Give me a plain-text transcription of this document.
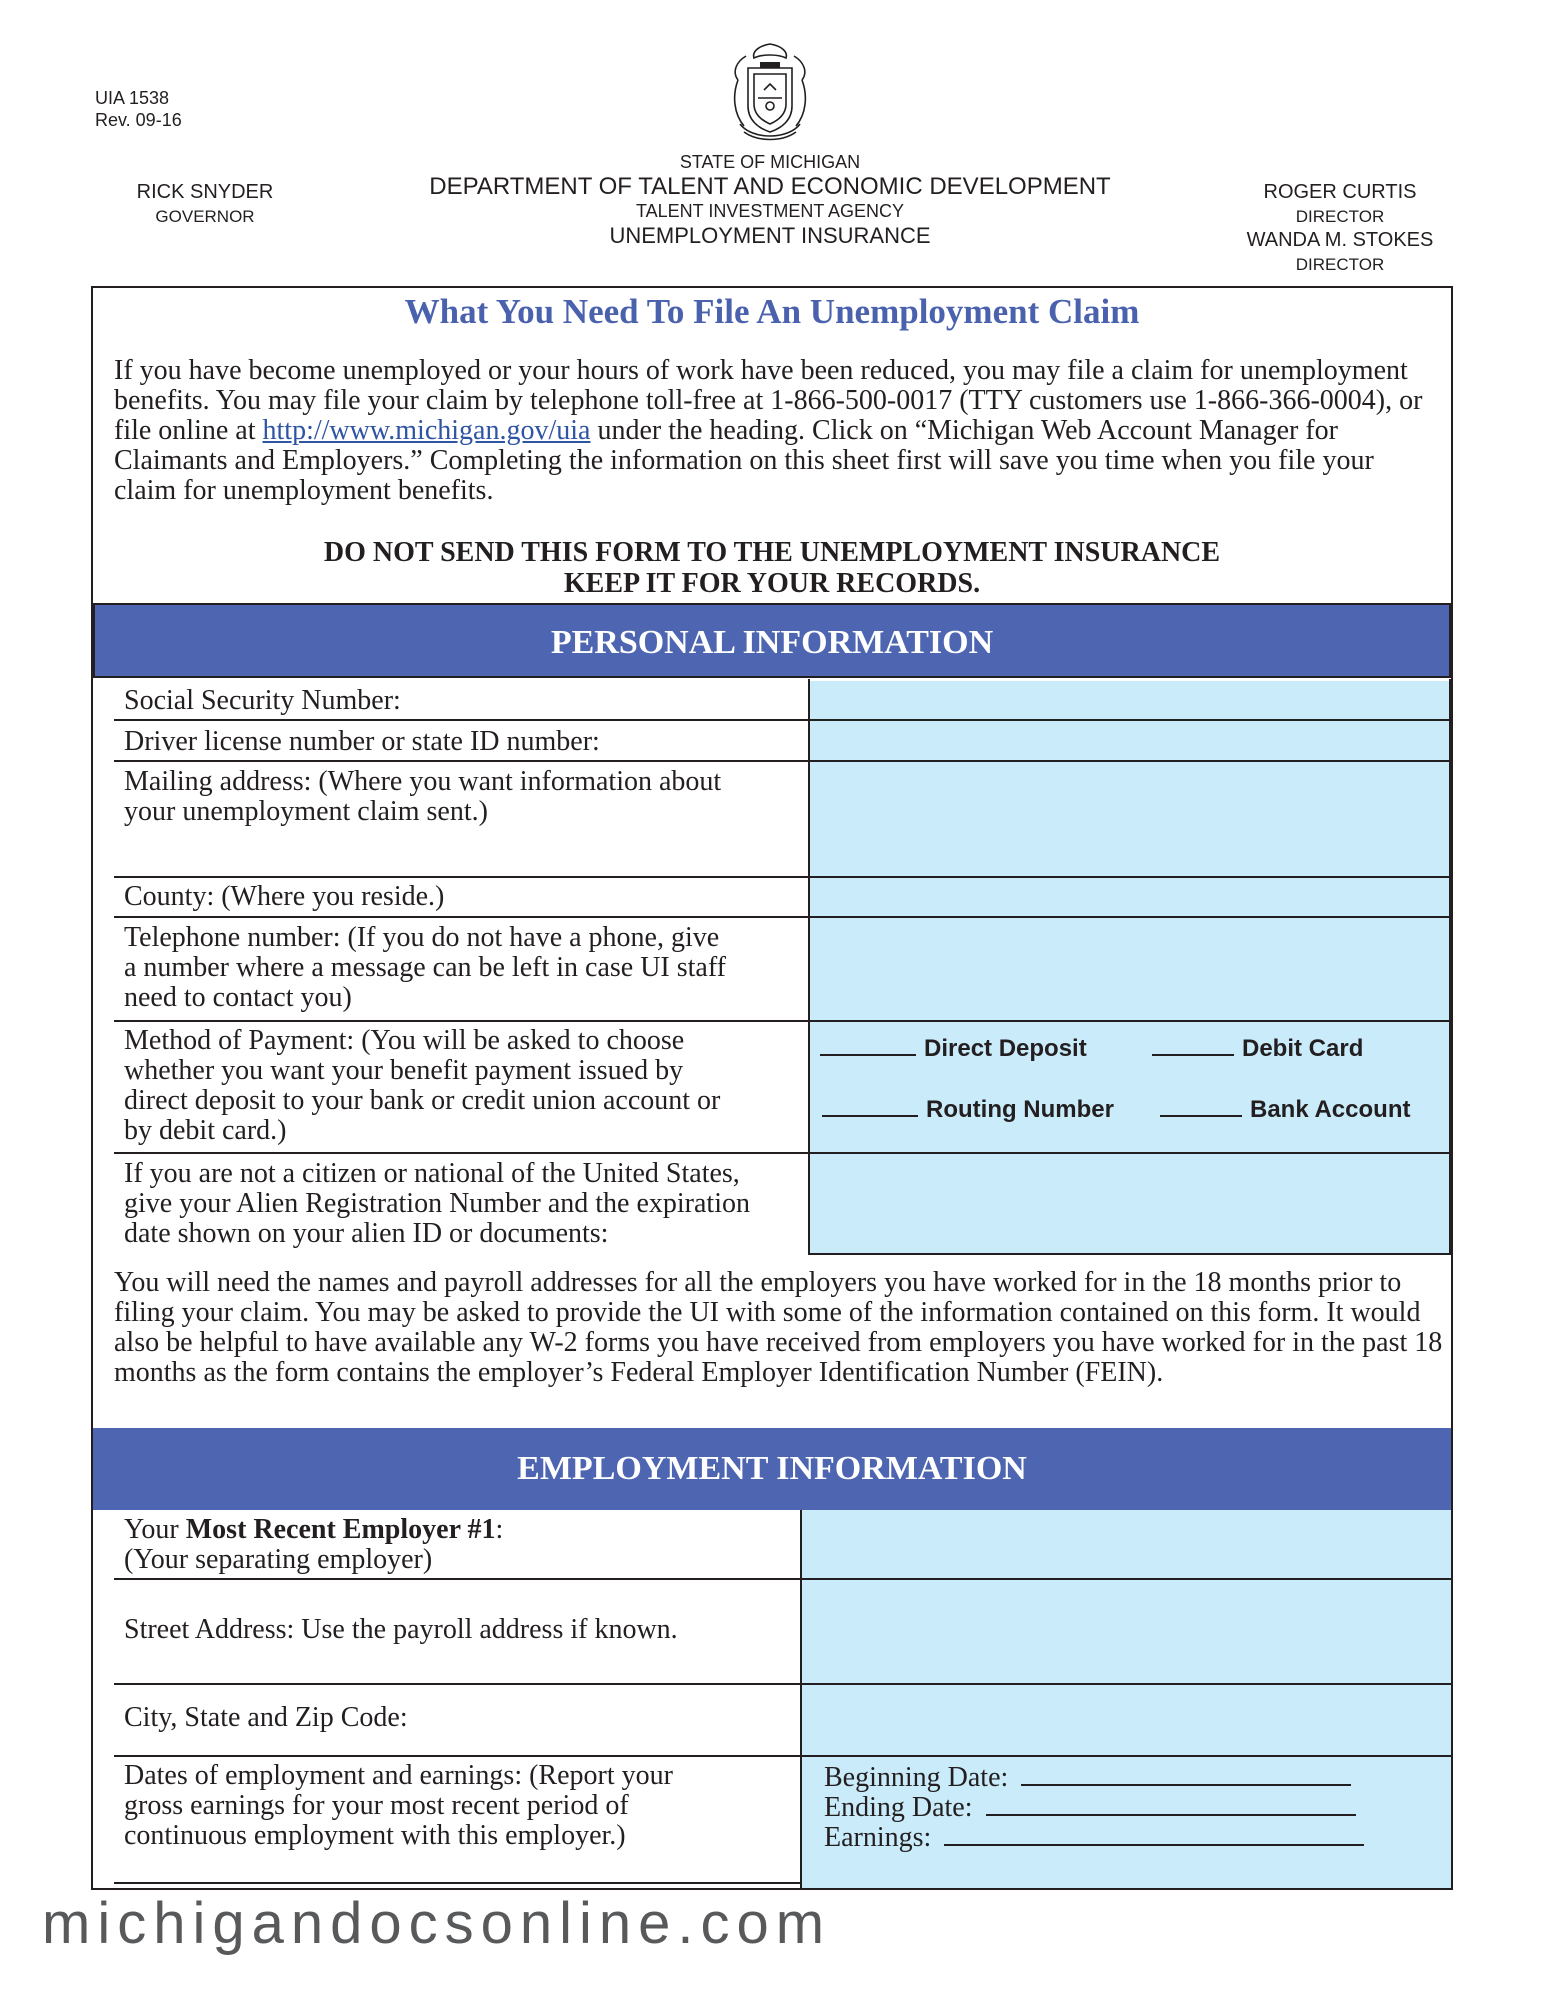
UIA 1538
Rev. 09-16
STATE OF MICHIGAN
DEPARTMENT OF TALENT AND ECONOMIC DEVELOPMENT
TALENT INVESTMENT AGENCY
UNEMPLOYMENT INSURANCE
RICK SNYDER
GOVERNOR
ROGER CURTIS
DIRECTOR
WANDA M. STOKES
DIRECTOR
What You Need To File An Unemployment Claim
If you have become unemployed or your hours of work have been reduced, you may file a claim for unemployment benefits. You may file your claim by telephone toll-free at 1-866-500-0017 (TTY customers use 1-866-366-0004), or file online at http://www.michigan.gov/uia under the heading. Click on “Michigan Web Account Manager for Claimants and Employers.” Completing the information on this sheet first will save you time when you file your claim for unemployment benefits.
DO NOT SEND THIS FORM TO THE UNEMPLOYMENT INSURANCE
KEEP IT FOR YOUR RECORDS.
PERSONAL INFORMATION
Social Security Number:
Driver license number or state ID number:
Mailing address: (Where you want information about
your unemployment claim sent.)
County: (Where you reside.)
Telephone number: (If you do not have a phone, give
a number where a message can be left in case UI staff
need to contact you)
Method of Payment: (You will be asked to choose
whether you want your benefit payment issued by
direct deposit to your bank or credit union account or
by debit card.)
If you are not a citizen or national of the United States,
give your Alien Registration Number and the expiration
date shown on your alien ID or documents:
Direct Deposit	Debit Card
Routing Number	Bank Account
You will need the names and payroll addresses for all the employers you have worked for in the 18 months prior to filing your claim. You may be asked to provide the UI with some of the information contained on this form. It would also be helpful to have available any W-2 forms you have received from employers you have worked for in the past 18 months as the form contains the employer’s Federal Employer Identification Number (FEIN).
EMPLOYMENT INFORMATION
Your Most Recent Employer #1:
(Your separating employer)
Street Address: Use the payroll address if known.
City, State and Zip Code:
Dates of employment and earnings: (Report your
gross earnings for your most recent period of
continuous employment with this employer.)
Beginning Date:
Ending Date:
Earnings:
michigandocsonline.com
